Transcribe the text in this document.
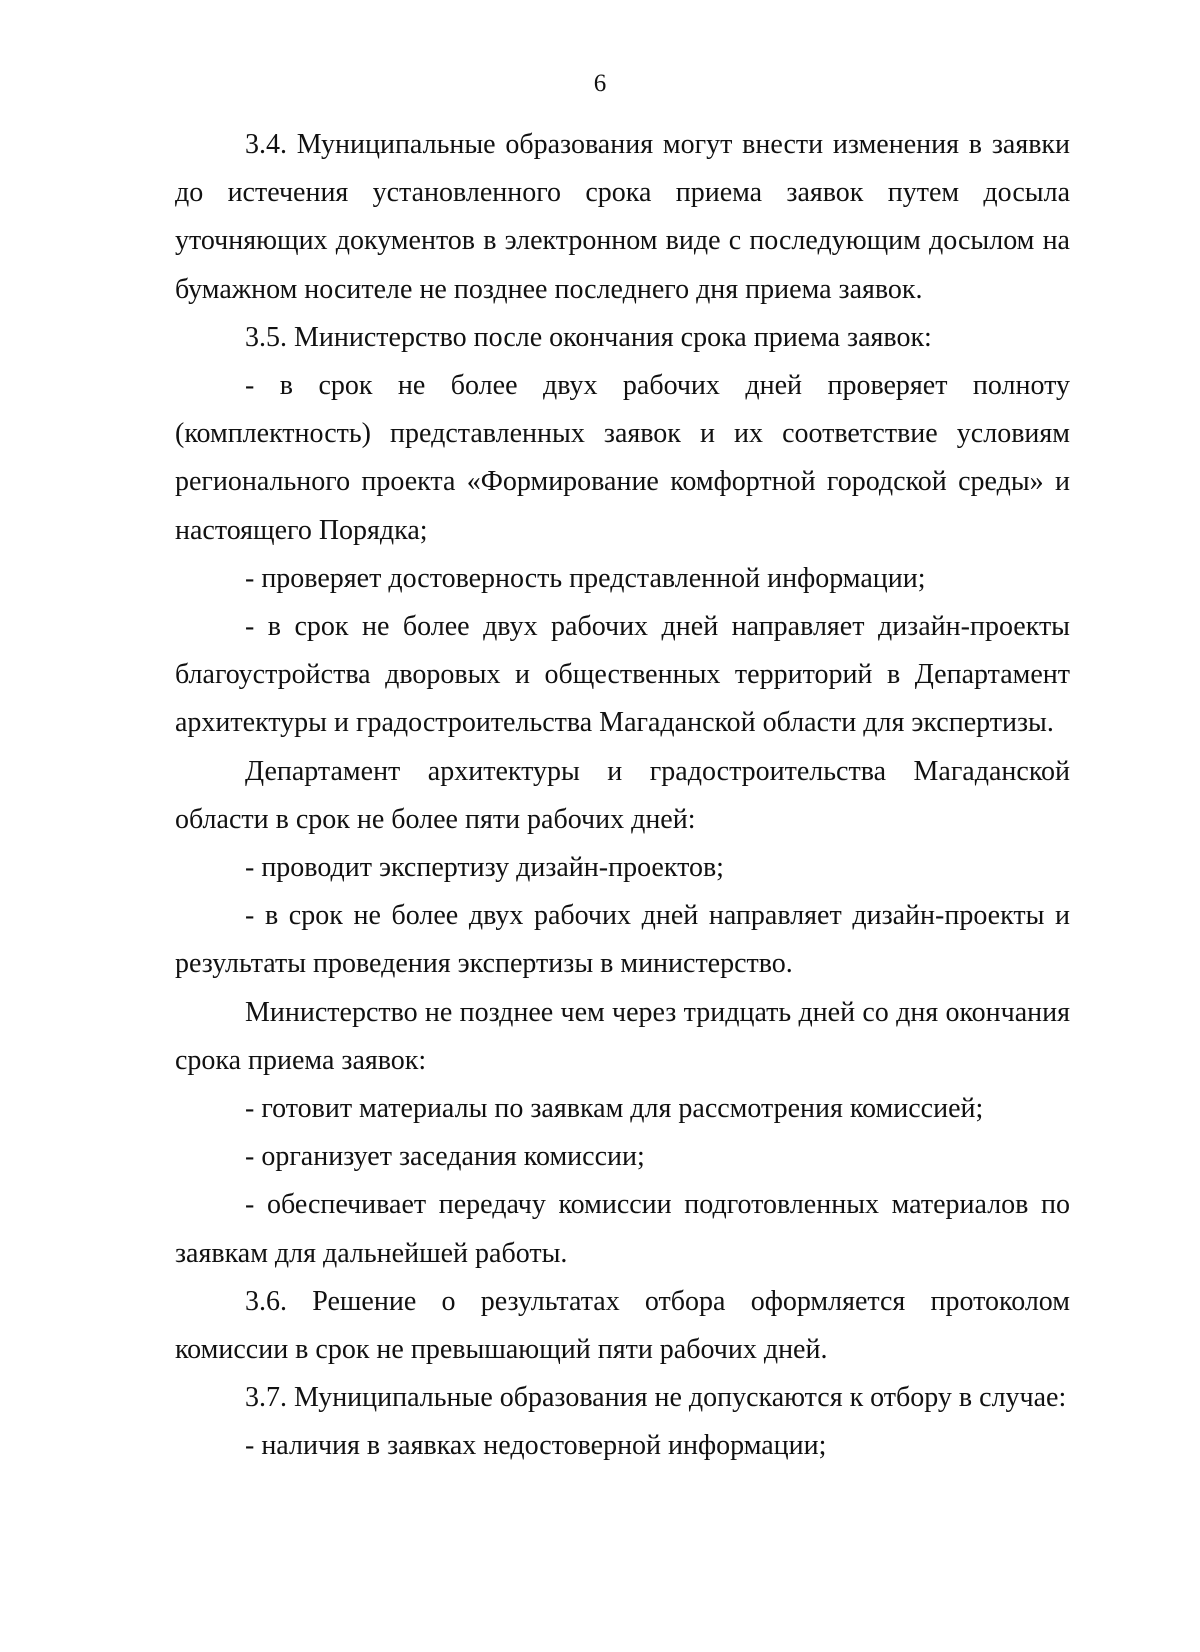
6

3.4. Муниципальные образования могут внести изменения в заявки до истечения установленного срока приема заявок путем досыла уточняющих документов в электронном виде с последующим досылом на бумажном носителе не позднее последнего дня приема заявок.

3.5. Министерство после окончания срока приема заявок:

- в срок не более двух рабочих дней проверяет полноту (комплектность) представленных заявок и их соответствие условиям регионального проекта «Формирование комфортной городской среды» и настоящего Порядка;

- проверяет достоверность представленной информации;

- в срок не более двух рабочих дней направляет дизайн-проекты благоустройства дворовых и общественных территорий в Департамент архитектуры и градостроительства Магаданской области для экспертизы.

Департамент архитектуры и градостроительства Магаданской области в срок не более пяти рабочих дней:

- проводит экспертизу дизайн-проектов;

- в срок не более двух рабочих дней направляет дизайн-проекты и результаты проведения экспертизы в министерство.

Министерство не позднее чем через тридцать дней со дня окончания срока приема заявок:

- готовит материалы по заявкам для рассмотрения комиссией;

- организует заседания комиссии;

- обеспечивает передачу комиссии подготовленных материалов по заявкам для дальнейшей работы.

3.6. Решение о результатах отбора оформляется протоколом комиссии в срок не превышающий пяти рабочих дней.

3.7. Муниципальные образования не допускаются к отбору в случае:

- наличия в заявках недостоверной информации;
